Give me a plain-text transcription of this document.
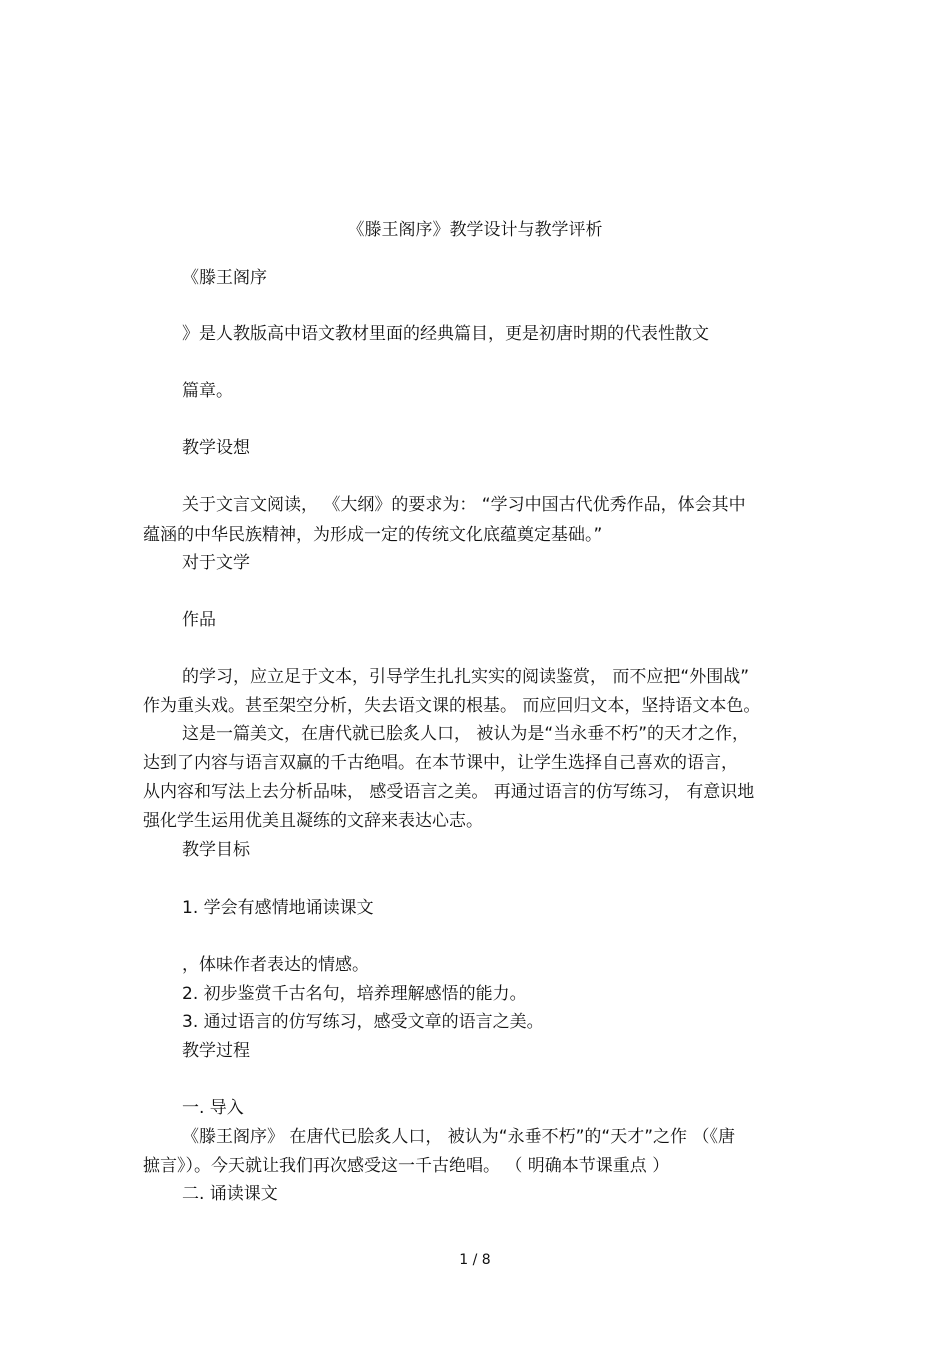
《滕王阁序》教学设计与教学评析
《滕王阁序
》是人教版高中语文教材里面的经典篇目，更是初唐时期的代表性散文
篇章。
教学设想
关于文言文阅读， 《大纲》的要求为： “学习中国古代优秀作品，体会其中
蕴涵的中华民族精神，为形成一定的传统文化底蕴奠定基础。”
对于文学
作品
的学习，应立足于文本，引导学生扎扎实实的阅读鉴赏， 而不应把“外围战”
作为重头戏。甚至架空分析，失去语文课的根基。 而应回归文本，坚持语文本色。
这是一篇美文，在唐代就已脍炙人口， 被认为是“当永垂不朽”的天才之作，
达到了内容与语言双赢的千古绝唱。在本节课中，让学生选择自己喜欢的语言，
从内容和写法上去分析品味， 感受语言之美。 再通过语言的仿写练习， 有意识地
强化学生运用优美且凝练的文辞来表达心志。
教学目标
1. 学会有感情地诵读课文
，体味作者表达的情感。
2. 初步鉴赏千古名句，培养理解感悟的能力。
3. 通过语言的仿写练习，感受文章的语言之美。
教学过程
一. 导入
《滕王阁序》 在唐代已脍炙人口， 被认为“永垂不朽”的“天才”之作 （《唐
摭言》）。今天就让我们再次感受这一千古绝唱。 （ 明确本节课重点 ）
二. 诵读课文
1 / 8
